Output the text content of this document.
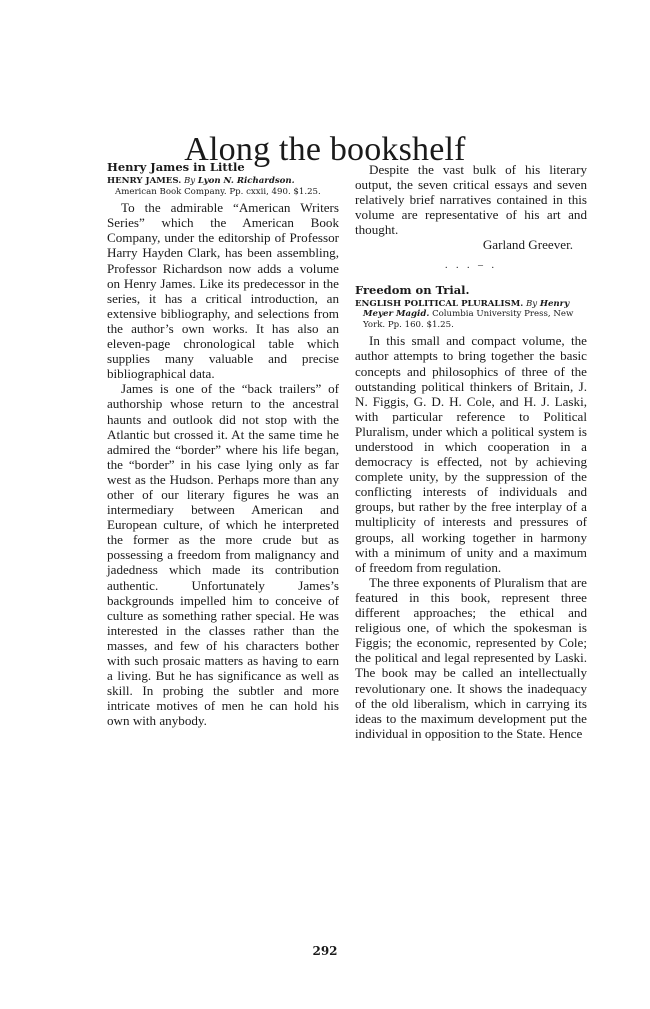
Along the bookshelf
Henry James in Little

HENRY JAMES. By Lyon N. Richardson. American Book Company. Pp. cxxii, 490. $1.25.

To the admirable “American Writers Series” which the American Book Company, under the editorship of Professor Harry Hayden Clark, has been assembling, Professor Richardson now adds a volume on Henry James. Like its predecessor in the series, it has a critical introduction, an extensive bibliography, and selections from the author’s own works. It has also an eleven-page chronological table which supplies many valuable and precise bibliographical data.

James is one of the “back trailers” of authorship whose return to the ancestral haunts and outlook did not stop with the Atlantic but crossed it. At the same time he admired the “border” where his life began, the “border” in his case lying only as far west as the Hudson. Perhaps more than any other of our literary figures he was an intermediary between American and European culture, of which he interpreted the former as the more crude but as possessing a freedom from malignancy and jadedness which made its contribution authentic. Unfortunately James’s backgrounds impelled him to conceive of culture as something rather special. He was interested in the classes rather than the masses, and few of his characters bother with such prosaic matters as having to earn a living. But he has significance as well as skill. In probing the subtler and more intricate motives of men he can hold his own with anybody.

Despite the vast bulk of his literary output, the seven critical essays and seven relatively brief narratives contained in this volume are representative of his art and thought.

Garland Greever.

. . . – .
Freedom on Trial.

ENGLISH POLITICAL PLURALISM. By Henry Meyer Magid. Columbia University Press, New York. Pp. 160. $1.25.

In this small and compact volume, the author attempts to bring together the basic concepts and philosophics of three of the outstanding political thinkers of Britain, J. N. Figgis, G. D. H. Cole, and H. J. Laski, with particular reference to Political Pluralism, under which a political system is understood in which cooperation in a democracy is effected, not by achieving complete unity, by the suppression of the conflicting interests of individuals and groups, but rather by the free interplay of a multiplicity of interests and pressures of groups, all working together in harmony with a minimum of unity and a maximum of freedom from regulation.

The three exponents of Pluralism that are featured in this book, represent three different approaches; the ethical and religious one, of which the spokesman is Figgis; the economic, represented by Cole; the political and legal represented by Laski. The book may be called an intellectually revolutionary one. It shows the inadequacy of the old liberalism, which in carrying its ideas to the maximum development put the individual in opposition to the State. Hence

292
